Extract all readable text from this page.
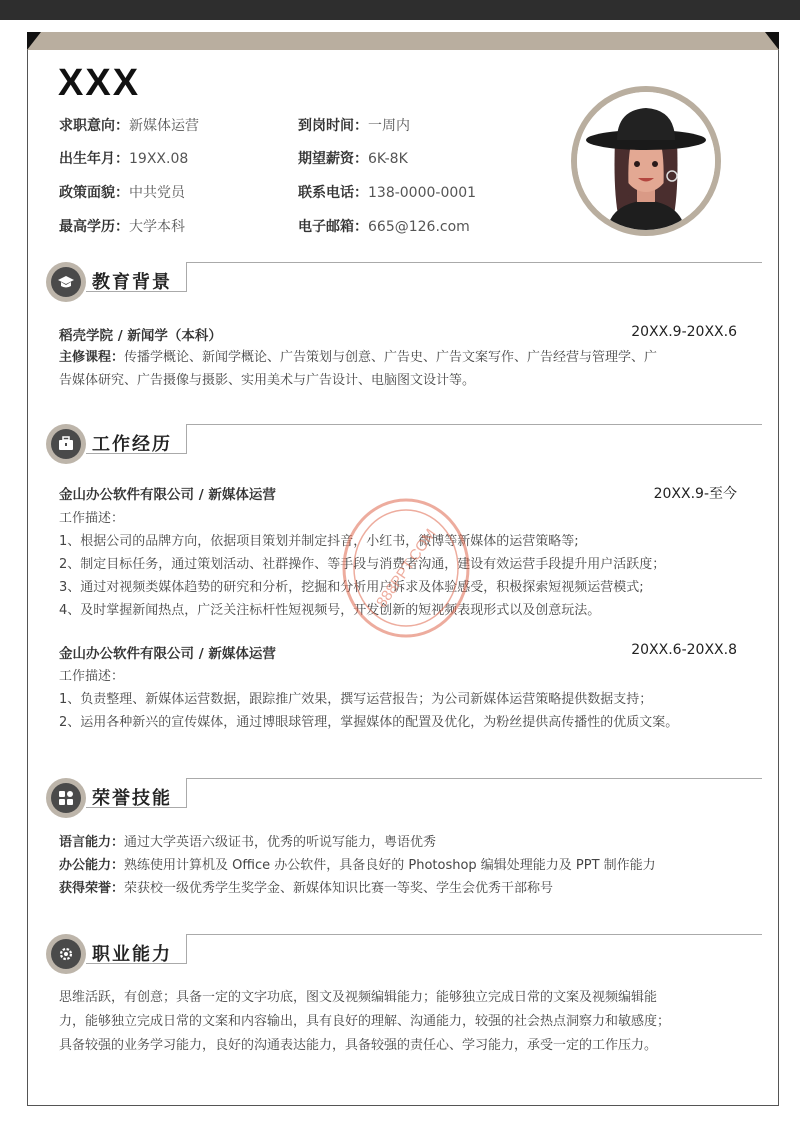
XXX
求职意向：新媒体运营
出生年月：19XX.08
政策面貌：中共党员
最高学历：大学本科
到岗时间：一周内
期望薪资：6K-8K
联系电话：138-0000-0001
电子邮箱：665@126.com
教育背景
稻壳学院 / 新闻学（本科）	20XX.9-20XX.6
主修课程：传播学概论、新闻学概论、广告策划与创意、广告史、广告文案写作、广告经营与管理学、广
告媒体研究、广告摄像与摄影、实用美术与广告设计、电脑图文设计等。
工作经历
金山办公软件有限公司 / 新媒体运营	20XX.9-至今
工作描述：
1、根据公司的品牌方向，依据项目策划并制定抖音，小红书，微博等新媒体的运营策略等;
2、制定目标任务，通过策划活动、社群操作、等手段与消费者沟通，建设有效运营手段提升用户活跃度；
3、通过对视频类媒体趋势的研究和分析，挖掘和分析用户诉求及体验感受，积极探索短视频运营模式;
4、及时掌握新闻热点，广泛关注标杆性短视频号，开发创新的短视频表现形式以及创意玩法。
金山办公软件有限公司 / 新媒体运营	20XX.6-20XX.8
工作描述：
1、负责整理、新媒体运营数据，跟踪推广效果，撰写运营报告；为公司新媒体运营策略提供数据支持；
2、运用各种新兴的宣传媒体，通过博眼球管理，掌握媒体的配置及优化，为粉丝提供高传播性的优质文案。
888PPT.COM
荣誉技能
语言能力：通过大学英语六级证书，优秀的听说写能力，粤语优秀
办公能力：熟练使用计算机及 Office 办公软件，具备良好的 Photoshop 编辑处理能力及 PPT 制作能力
获得荣誉：荣获校一级优秀学生奖学金、新媒体知识比赛一等奖、学生会优秀干部称号
职业能力
思维活跃，有创意；具备一定的文字功底，图文及视频编辑能力；能够独立完成日常的文案及视频编辑能
力，能够独立完成日常的文案和内容输出，具有良好的理解、沟通能力，较强的社会热点洞察力和敏感度；
具备较强的业务学习能力，良好的沟通表达能力，具备较强的责任心、学习能力，承受一定的工作压力。
